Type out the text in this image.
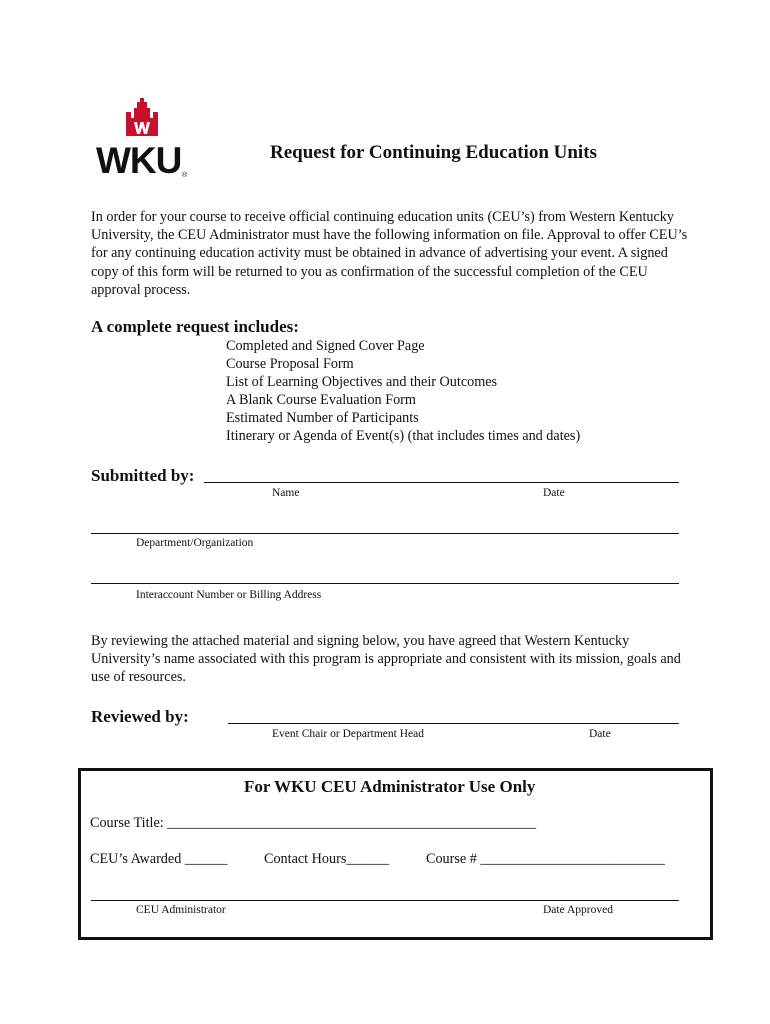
WKU ®
Request for Continuing Education Units
In order for your course to receive official continuing education units (CEU’s) from Western Kentucky University, the CEU Administrator must have the following information on file. Approval to offer CEU’s for any continuing education activity must be obtained in advance of advertising your event. A signed copy of this form will be returned to you as confirmation of the successful completion of the CEU approval process.
A complete request includes:
Completed and Signed Cover Page
Course Proposal Form
List of Learning Objectives and their Outcomes
A Blank Course Evaluation Form
Estimated Number of Participants
Itinerary or Agenda of Event(s) (that includes times and dates)
Submitted by:
Name	Date
Department/Organization
Interaccount Number or Billing Address
By reviewing the attached material and signing below, you have agreed that Western Kentucky University’s name associated with this program is appropriate and consistent with its mission, goals and use of resources.
Reviewed by:
Event Chair or Department Head	Date
For WKU CEU Administrator Use Only
Course Title: ____________________________________________________
CEU’s Awarded ______	Contact Hours______	Course # __________________________
CEU Administrator	Date Approved
